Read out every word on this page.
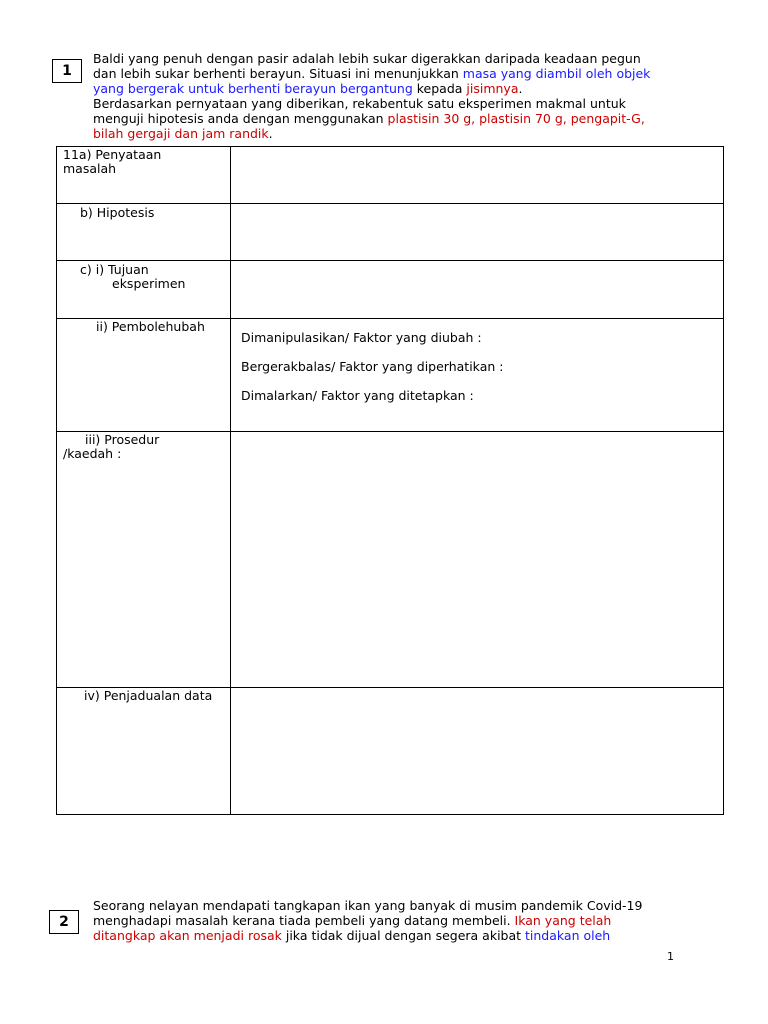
1
Baldi yang penuh dengan pasir adalah lebih sukar digerakkan daripada keadaan pegun
dan lebih sukar berhenti berayun. Situasi ini menunjukkan masa yang diambil oleh objek
yang bergerak untuk berhenti berayun bergantung kepada jisimnya.
Berdasarkan pernyataan yang diberikan, rekabentuk satu eksperimen makmal untuk
menguji hipotesis anda dengan menggunakan plastisin 30 g, plastisin 70 g, pengapit-G,
bilah gergaji dan jam randik.
11a) Penyataan
masalah	

b) Hipotesis	

c) i) Tujuan
eksperimen	

ii) Pembolehubah	Dimanipulasikan/ Faktor yang diubah :
Bergerakbalas/ Faktor yang diperhatikan :
Dimalarkan/ Faktor yang ditetapkan :

iii) Prosedur
/kaedah :	

iv) Penjadualan data	

2
Seorang nelayan mendapati tangkapan ikan yang banyak di musim pandemik Covid-19
menghadapi masalah kerana tiada pembeli yang datang membeli. Ikan yang telah
ditangkap akan menjadi rosak jika tidak dijual dengan segera akibat tindakan oleh
1
